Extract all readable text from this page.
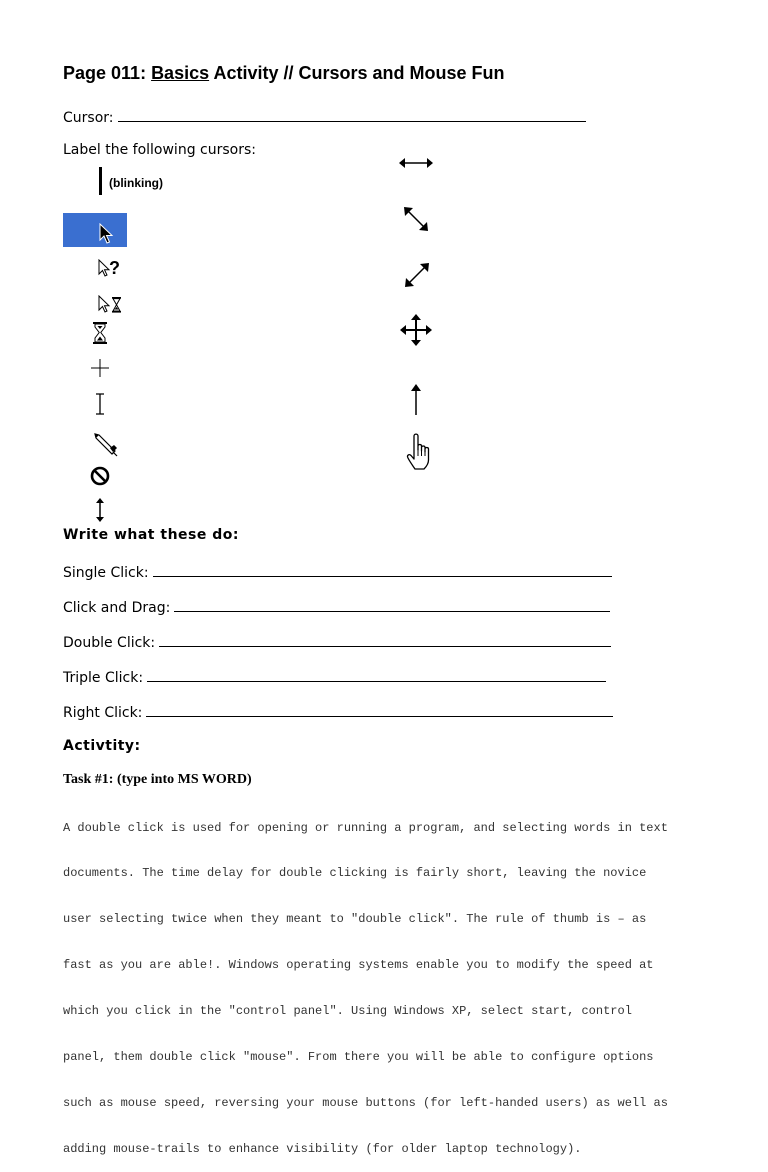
Page 011: Basics Activity // Cursors and Mouse Fun
Cursor:
Label the following cursors:
(blinking)
?
Write what these do:
Single Click:
Click and Drag:
Double Click:
Triple Click:
Right Click:
Activtity:
Task #1: (type into MS WORD)

A double click is used for opening or running a program, and selecting words in text

documents. The time delay for double clicking is fairly short, leaving the novice

user selecting twice when they meant to "double click". The rule of thumb is – as

fast as you are able!. Windows operating systems enable you to modify the speed at

which you click in the "control panel". Using Windows XP, select start, control

panel, them double click "mouse". From there you will be able to configure options

such as mouse speed, reversing your mouse buttons (for left-handed users) as well as

adding mouse-trails to enhance visibility (for older laptop technology).
